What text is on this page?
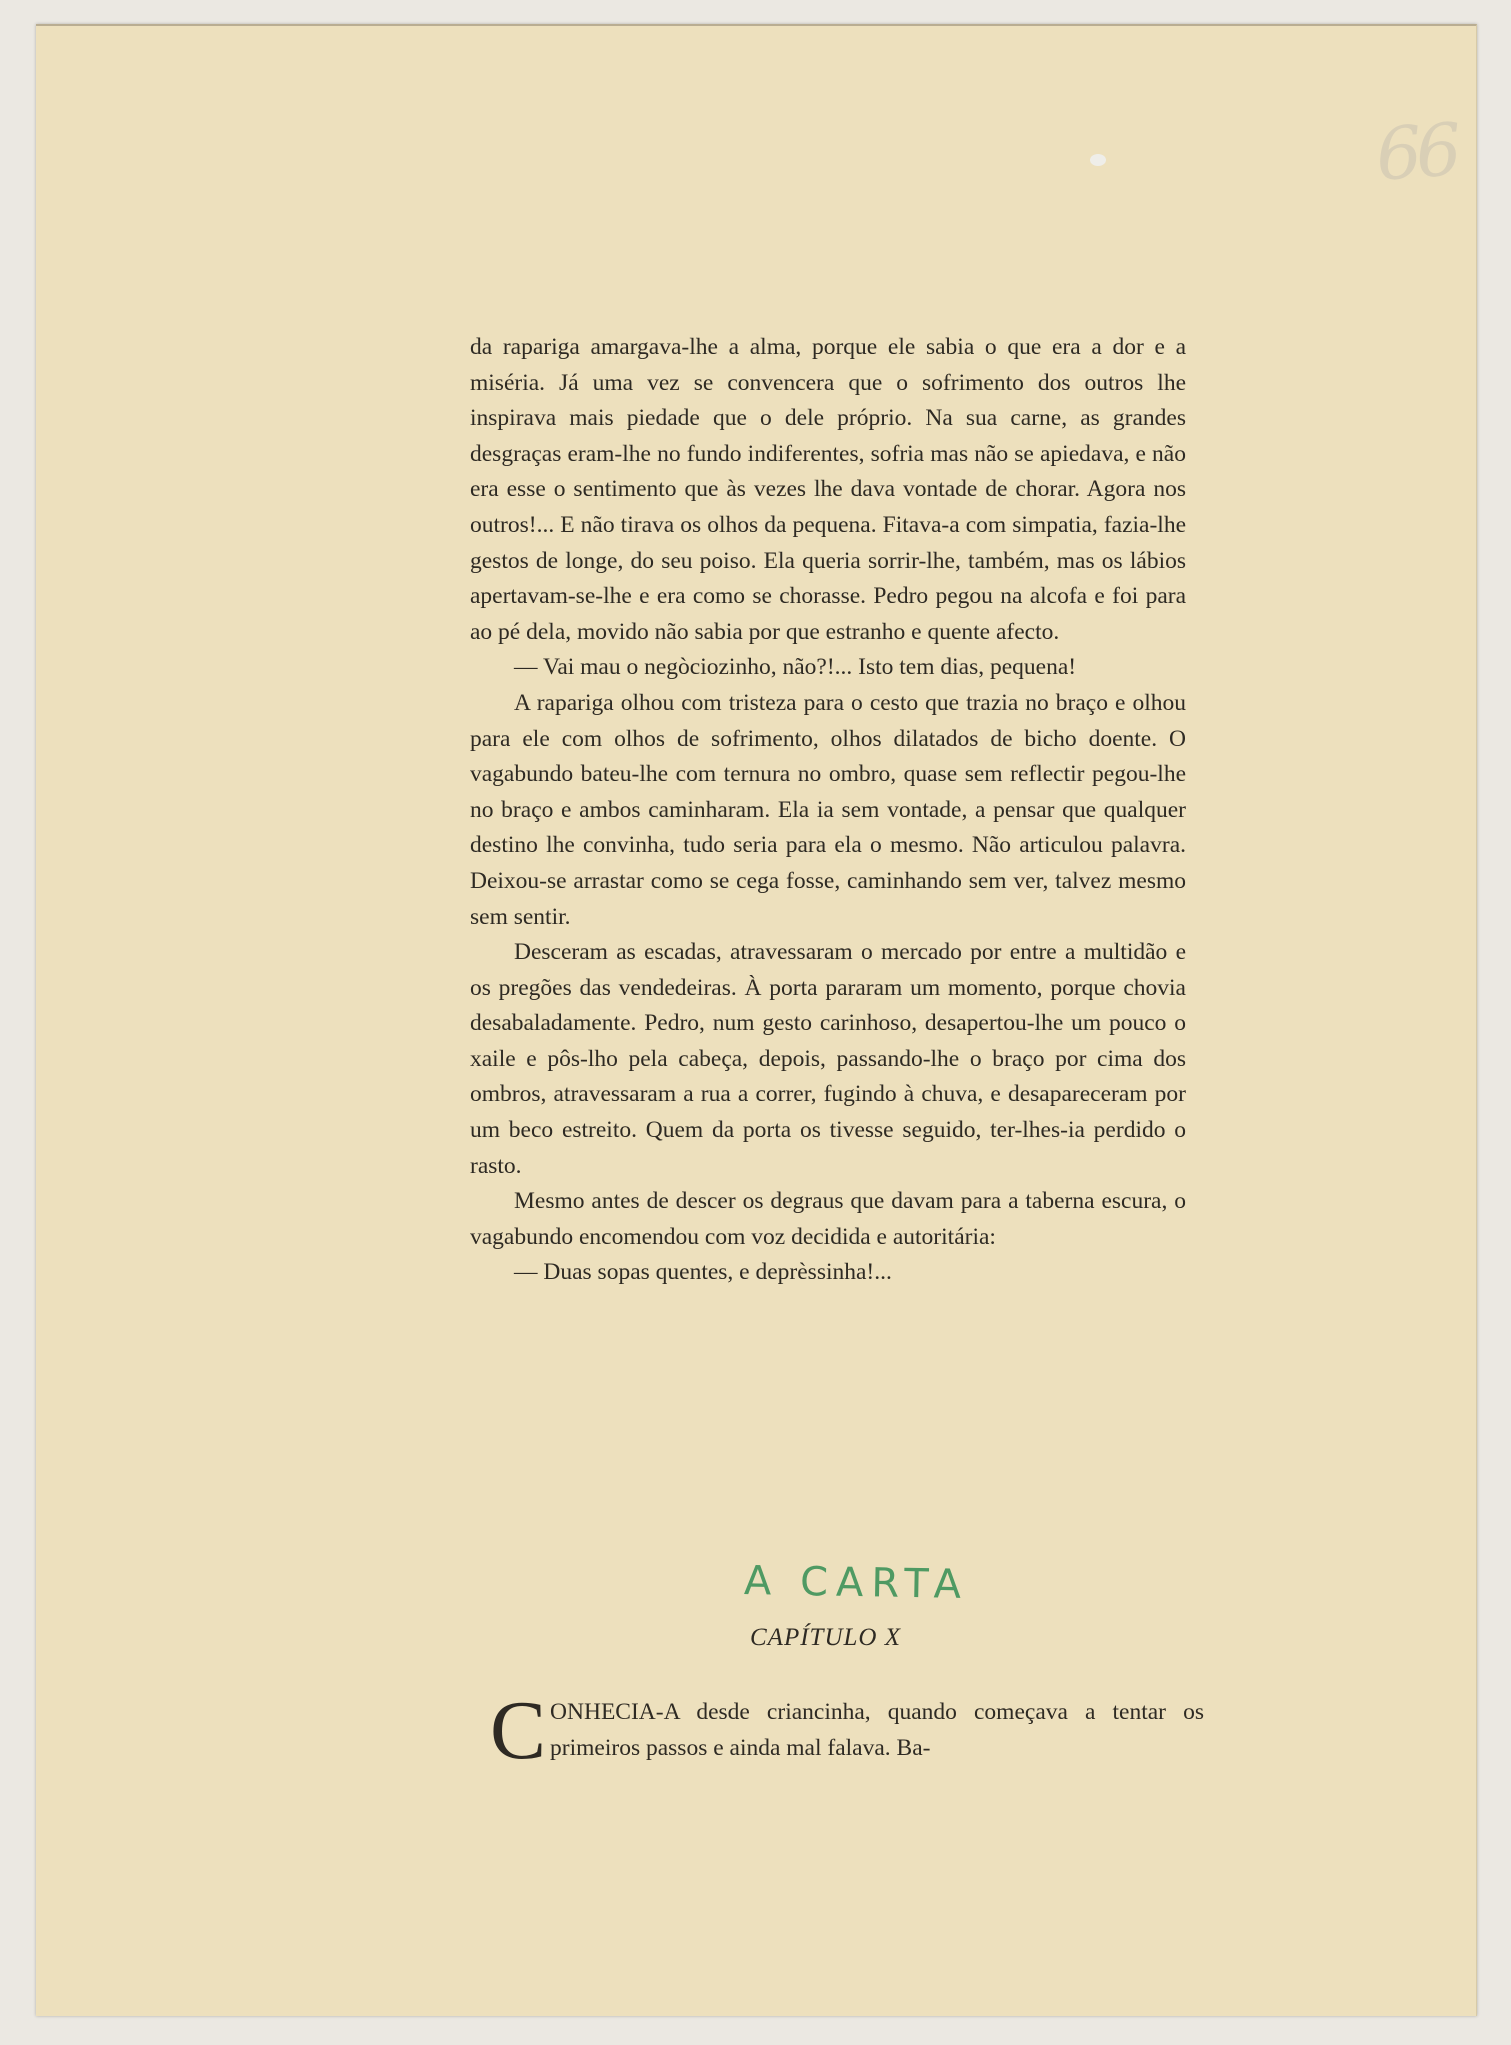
66

da rapariga amargava-lhe a alma, porque ele sabia o que era a dor e a miséria. Já uma vez se convencera que o sofrimento dos outros lhe inspirava mais piedade que o dele próprio. Na sua carne, as grandes desgraças eram-lhe no fundo indiferentes, sofria mas não se apiedava, e não era esse o sentimento que às vezes lhe dava vontade de chorar. Agora nos outros!... E não tirava os olhos da pequena. Fitava-a com simpatia, fazia-lhe gestos de longe, do seu poiso. Ela queria sorrir-lhe, também, mas os lábios apertavam-se-lhe e era como se chorasse. Pedro pegou na alcofa e foi para ao pé dela, movido não sabia por que estranho e quente afecto.

— Vai mau o negòciozinho, não?!... Isto tem dias, pequena!

A rapariga olhou com tristeza para o cesto que trazia no braço e olhou para ele com olhos de sofrimento, olhos dilatados de bicho doente. O vagabundo bateu-lhe com ternura no ombro, quase sem reflectir pegou-lhe no braço e ambos caminharam. Ela ia sem vontade, a pensar que qualquer destino lhe convinha, tudo seria para ela o mesmo. Não articulou palavra. Deixou-se arrastar como se cega fosse, caminhando sem ver, talvez mesmo sem sentir.

Desceram as escadas, atravessaram o mercado por entre a multidão e os pregões das vendedeiras. À porta pararam um momento, porque chovia desabaladamente. Pedro, num gesto carinhoso, desapertou-lhe um pouco o xaile e pôs-lho pela cabeça, depois, passando-lhe o braço por cima dos ombros, atravessaram a rua a correr, fugindo à chuva, e desapareceram por um beco estreito. Quem da porta os tivesse seguido, ter-lhes-ia perdido o rasto.

Mesmo antes de descer os degraus que davam para a taberna escura, o vagabundo encomendou com voz decidida e autoritária:

— Duas sopas quentes, e deprèssinha!...

A CARTA
CAPÍTULO X
C ONHECIA-A desde criancinha, quando começava a tentar os primeiros passos e ainda mal falava. Ba-
